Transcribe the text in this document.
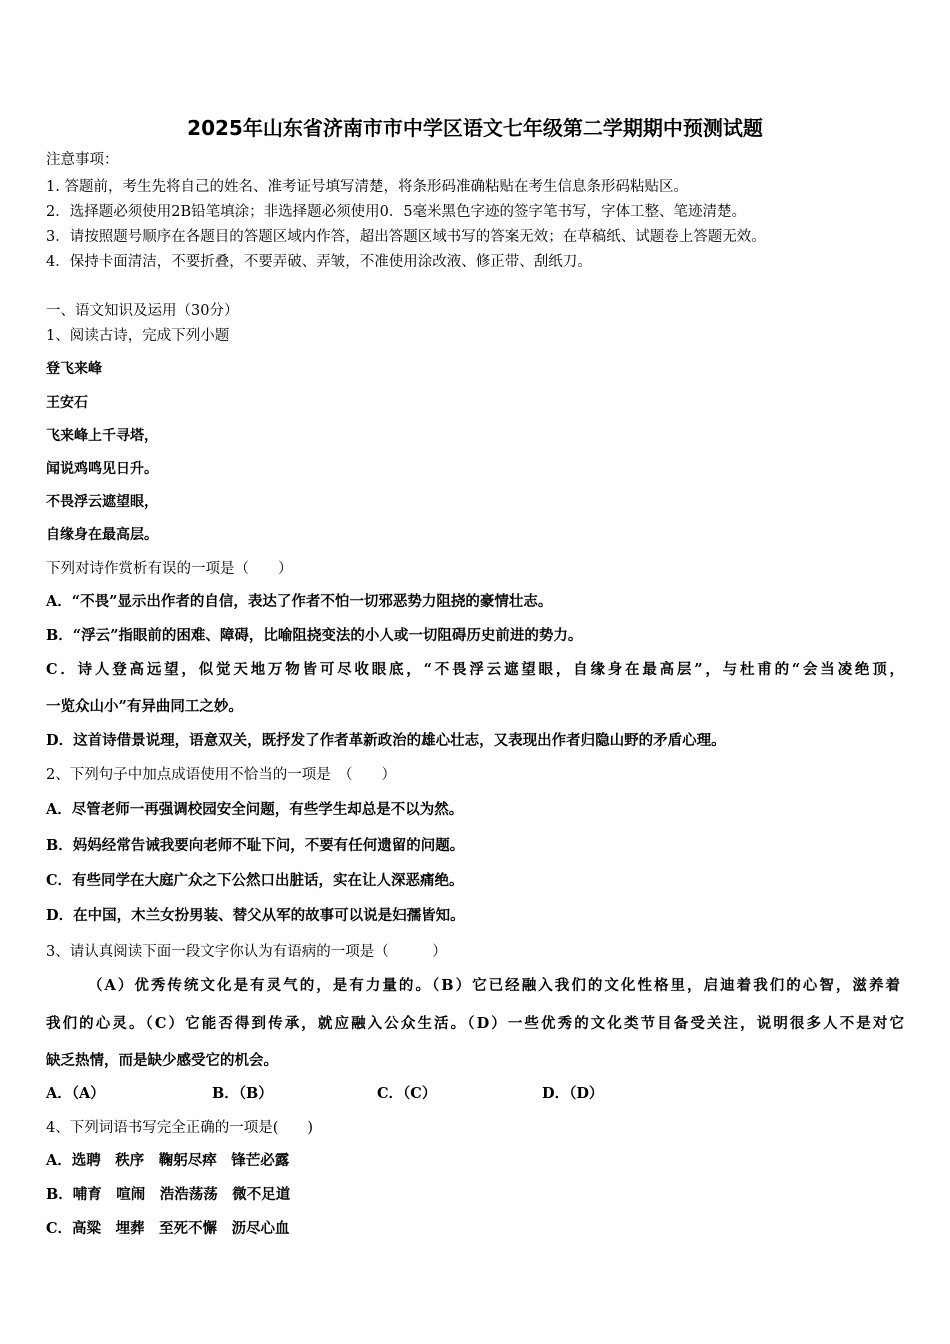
2025年山东省济南市市中学区语文七年级第二学期期中预测试题
注意事项：
1. 答题前，考生先将自己的姓名、准考证号填写清楚，将条形码准确粘贴在考生信息条形码粘贴区。
2．选择题必须使用2B铅笔填涂；非选择题必须使用0．5毫米黑色字迹的签字笔书写，字体工整、笔迹清楚。
3．请按照题号顺序在各题目的答题区域内作答，超出答题区域书写的答案无效；在草稿纸、试题卷上答题无效。
4．保持卡面清洁，不要折叠，不要弄破、弄皱，不准使用涂改液、修正带、刮纸刀。
一、语文知识及运用（30分）
1、阅读古诗，完成下列小题
登飞来峰
王安石
飞来峰上千寻塔，
闻说鸡鸣见日升。
不畏浮云遮望眼，
自缘身在最高层。
下列对诗作赏析有误的一项是（　　）
A．“不畏”显示出作者的自信，表达了作者不怕一切邪恶势力阻挠的豪情壮志。
B．“浮云”指眼前的困难、障碍，比喻阻挠变法的小人或一切阻碍历史前进的势力。
C．诗人登高远望，似觉天地万物皆可尽收眼底，“不畏浮云遮望眼，自缘身在最高层”，与杜甫的“会当凌绝顶，
一览众山小”有异曲同工之妙。
D．这首诗借景说理，语意双关，既抒发了作者革新政治的雄心壮志，又表现出作者归隐山野的矛盾心理。
2、下列句子中加点成语使用不恰当的一项是　（　　）
A．尽管老师一再强调校园安全问题，有些学生却总是不以为然。
B．妈妈经常告诫我要向老师不耻下问，不要有任何遗留的问题。
C．有些同学在大庭广众之下公然口出脏话，实在让人深恶痛绝。
D．在中国，木兰女扮男装、替父从军的故事可以说是妇孺皆知。
3、请认真阅读下面一段文字你认为有语病的一项是（　　　）
（A）优秀传统文化是有灵气的，是有力量的。（B）它已经融入我们的文化性格里，启迪着我们的心智，滋养着
我们的心灵。（C）它能否得到传承，就应融入公众生活。（D）一些优秀的文化类节目备受关注，说明很多人不是对它
缺乏热情，而是缺少感受它的机会。
A．（A）	B．（B）	C．（C）	D．（D）
4、下列词语书写完全正确的一项是(　　)
A．选聘　秩序　鞠躬尽瘁　锋芒必露
B．哺育　喧闹　浩浩荡荡　微不足道
C．高粱　埋葬　至死不懈　沥尽心血
